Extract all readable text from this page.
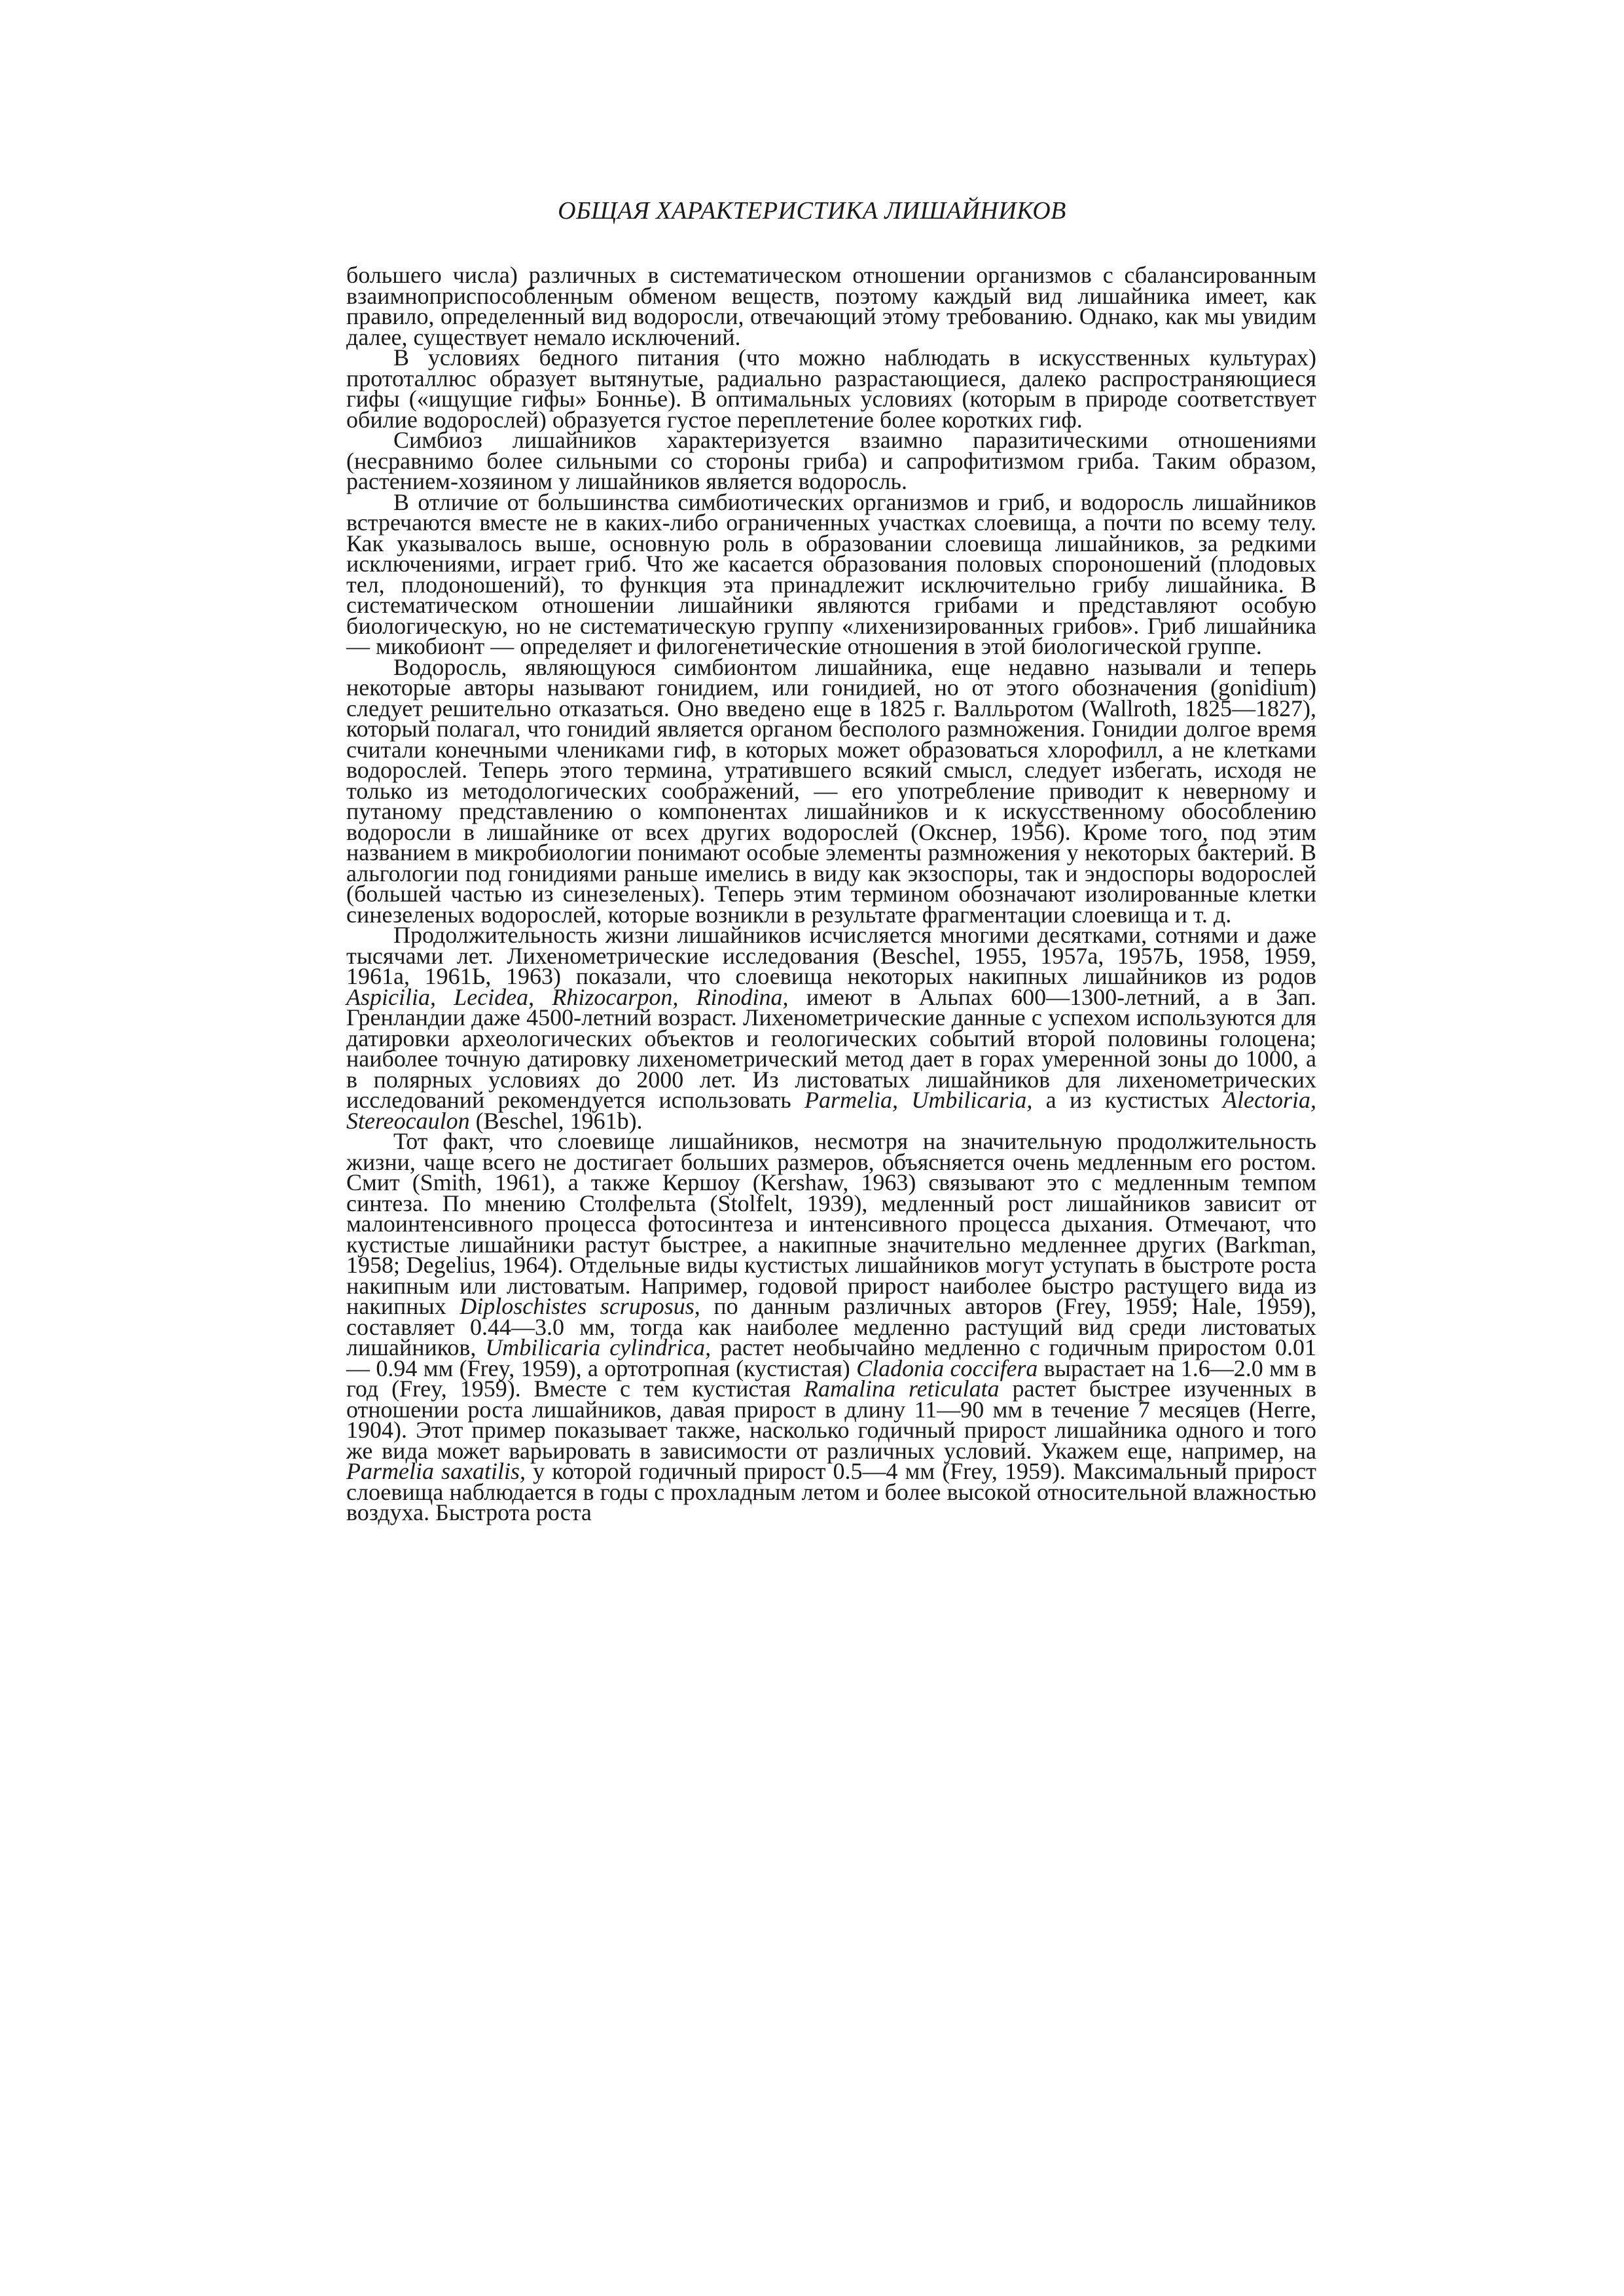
ОБЩАЯ ХАРАКТЕРИСТИКА ЛИШАЙНИКОВ

большего числа) различных в систематическом отношении организмов с сбалансированным взаимноприспособленным обменом веществ, поэтому каждый вид лишайника имеет, как правило, определенный вид водоросли, отвечающий этому требованию. Однако, как мы увидим далее, существует немало исключений.

В условиях бедного питания (что можно наблюдать в искусственных культурах) прототаллюс образует вытянутые, радиально разрастающиеся, далеко распространяющиеся гифы («ищущие гифы» Боннье). В оптимальных условиях (которым в природе соответствует обилие водорослей) образуется густое переплетение более коротких гиф.

Симбиоз лишайников характеризуется взаимно паразитическими отношениями (несравнимо более сильными со стороны гриба) и сапрофитизмом гриба. Таким образом, растением-хозяином у лишайников является водоросль.

В отличие от большинства симбиотических организмов и гриб, и водоросль лишайников встречаются вместе не в каких-либо ограниченных участках слоевища, а почти по всему телу. Как указывалось выше, основную роль в образовании слоевища лишайников, за редкими исключениями, играет гриб. Что же касается образования половых спороношений (плодовых тел, плодоношений), то функция эта принадлежит исключительно грибу лишайника. В систематическом отношении лишайники являются грибами и представляют особую биологическую, но не систематическую группу «лихенизированных грибов». Гриб лишайника — микобионт — определяет и филогенетические отношения в этой биологической группе.

Водоросль, являющуюся симбионтом лишайника, еще недавно называли и теперь некоторые авторы называют гонидием, или гонидией, но от этого обозначения (gonidium) следует решительно отказаться. Оно введено еще в 1825 г. Валльротом (Wallroth, 1825—1827), который полагал, что гонидий является органом бесполого размножения. Гонидии долгое время считали конечными члениками гиф, в которых может образоваться хлорофилл, а не клетками водорослей. Теперь этого термина, утратившего всякий смысл, следует избегать, исходя не только из методологических соображений, — его употребление приводит к неверному и путаному представлению о компонентах лишайников и к искусственному обособлению водоросли в лишайнике от всех других водорослей (Окснер, 1956). Кроме того, под этим названием в микробиологии понимают особые элементы размножения у некоторых бактерий. В альгологии под гонидиями раньше имелись в виду как экзоспоры, так и эндоспоры водорослей (большей частью из синезеленых). Теперь этим термином обозначают изолированные клетки синезеленых водорослей, которые возникли в результате фрагментации слоевища и т. д.

Продолжительность жизни лишайников исчисляется многими десятками, сотнями и даже тысячами лет. Лихенометрические исследования (Beschel, 1955, 1957a, 1957Ь, 1958, 1959, 1961a, 1961Ь, 1963) показали, что слоевища некоторых накипных лишайников из родов Aspicilia, Lecidea, Rhizocarpon, Rinodina, имеют в Альпах 600—1300-летний, а в Зап. Гренландии даже 4500-летний возраст. Лихенометрические данные с успехом используются для датировки археологических объектов и геологических событий второй половины голоцена; наиболее точную датировку лихенометрический метод дает в горах умеренной зоны до 1000, а в полярных условиях до 2000 лет. Из листоватых лишайников для лихенометрических исследований рекомендуется использовать Parmelia, Umbilicaria, а из кустистых Alectoria, Stereocaulon (Beschel, 1961b).

Тот факт, что слоевище лишайников, несмотря на значительную продолжительность жизни, чаще всего не достигает больших размеров, объясняется очень медленным его ростом. Смит (Smith, 1961), а также Кершоу (Kershaw, 1963) связывают это с медленным темпом синтеза. По мнению Столфельта (Stolfelt, 1939), медленный рост лишайников зависит от малоинтенсивного процесса фотосинтеза и интенсивного процесса дыхания. Отмечают, что кустистые лишайники растут быстрее, а накипные значительно медленнее других (Barkman, 1958; Degelius, 1964). Отдельные виды кустистых лишайников могут уступать в быстроте роста накипным или листоватым. Например, годовой прирост наиболее быстро растущего вида из накипных Diploschistes scruposus, по данным различных авторов (Frey, 1959; Hale, 1959), составляет 0.44—3.0 мм, тогда как наиболее медленно растущий вид среди листоватых лишайников, Umbilicaria cylindrica, растет необычайно медленно с годичным приростом 0.01 — 0.94 мм (Frey, 1959), а ортотропная (кустистая) Cladonia coccifera вырастает на 1.6—2.0 мм в год (Frey, 1959). Вместе с тем кустистая Ramalina reticulata растет быстрее изученных в отношении роста лишайников, давая прирост в длину 11—90 мм в течение 7 месяцев (Herre, 1904). Этот пример показывает также, насколько годичный прирост лишайника одного и того же вида может варьировать в зависимости от различных условий. Укажем еще, например, на Parmelia saxatilis, у которой годичный прирост 0.5—4 мм (Frey, 1959). Максимальный прирост слоевища наблюдается в годы с прохладным летом и более высокой относительной влажностью воздуха. Быстрота роста
